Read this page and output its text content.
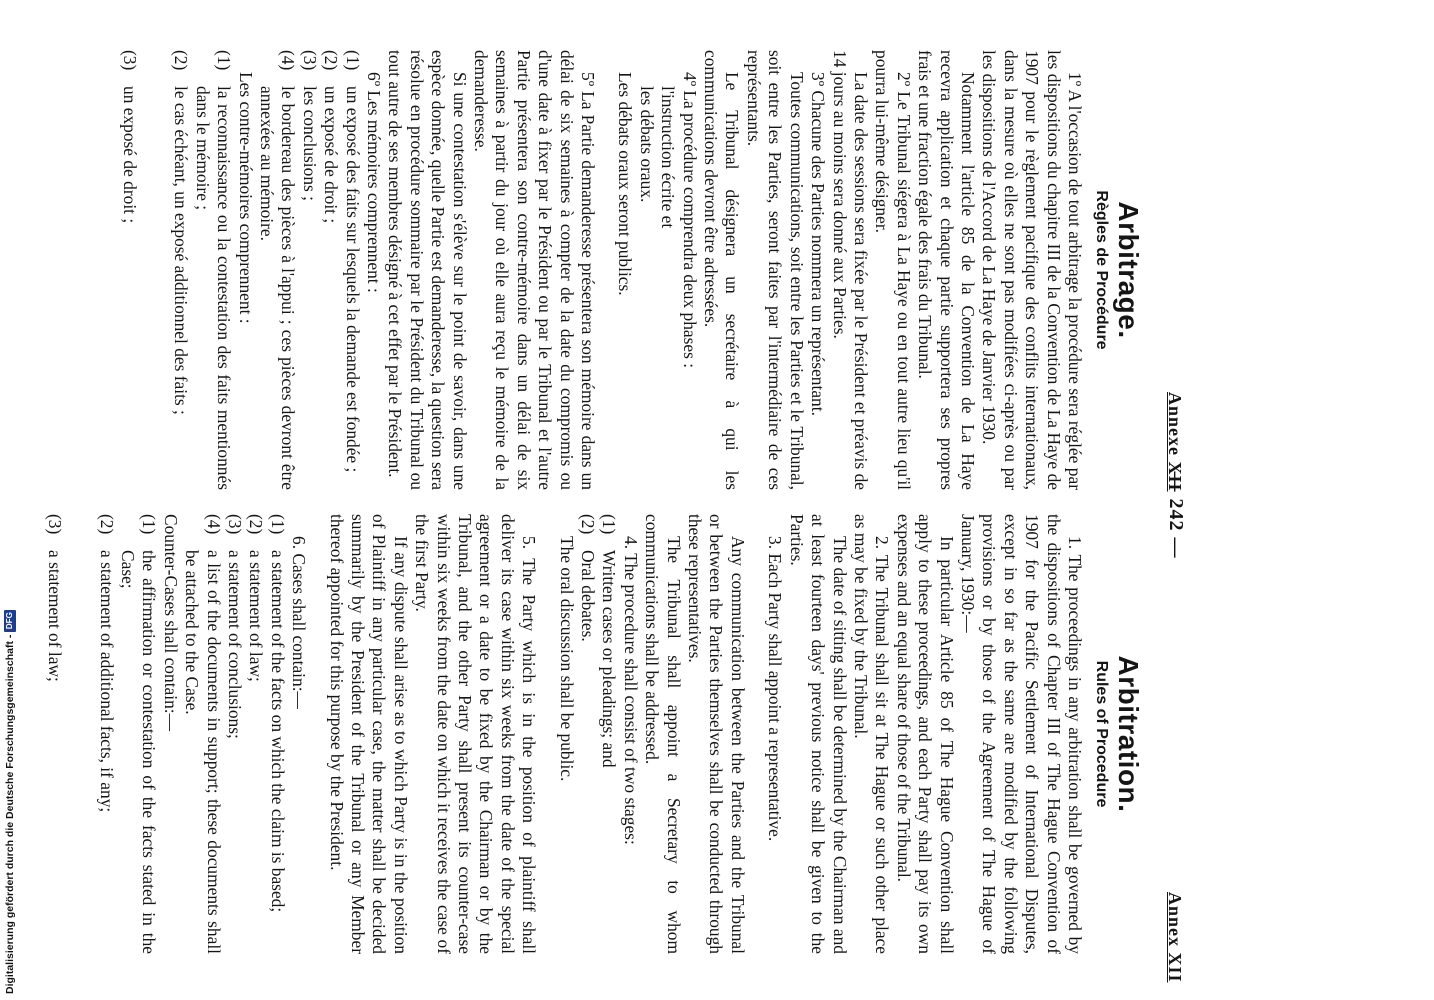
Annexe XII
— 242 —
Annex XII
Arbitrage.
Règles de Procédure

1º A l'occasion de tout arbitrage la procédure sera réglée par les dispositions du chapitre III de la Convention de La Haye de 1907 pour le règlement pacifique des conflits internationaux, dans la mesure où elles ne sont pas modifiées ci-après ou par les dispositions de l'Accord de La Haye de Janvier 1930.

Notamment l'article 85 de la Convention de La Haye recevra application et chaque partie supportera ses propres frais et une fraction égale des frais du Tribunal.

2º Le Tribunal siégera à La Haye ou en tout autre lieu qu'il pourra lui-même désigner.

La date des sessions sera fixée par le Président et préavis de 14 jours au moins sera donné aux Parties.

3º Chacune des Parties nommera un représentant.

Toutes communications, soit entre les Parties et le Tribunal, soit entre les Parties, seront faites par l'intermédiaire de ces représentants.

Le Tribunal désignera un secrétaire à qui les communications devront être adressées.

4º La procédure comprendra deux phases :

l'instruction écrite et

les débats oraux.

Les débats oraux seront publics.

5º La Partie demanderesse présentera son mémoire dans un délai de six semaines à compter de la date du compromis ou d'une date à fixer par le Président ou par le Tribunal et l'autre Partie présentera son contre-mémoire dans un délai de six semaines à partir du jour où elle aura reçu le mémoire de la demanderesse.

Si une contestation s'élève sur le point de savoir, dans une espèce donnée, quelle Partie est demanderesse, la question sera résolue en procédure sommaire par le Président du Tribunal ou tout autre de ses membres désigné à cet effet par le Président.

6º Les mémoires comprennent :

(1)un exposé des faits sur lesquels la demande est fondée ;

(2)un exposé de droit ;

(3)les conclusions ;

(4)le bordereau des pièces à l'appui ; ces pièces devront être annexées au mémoire.

Les contre-mémoires comprennent :

(1)la reconnaissance ou la contestation des faits mentionnés dans le mémoire ;

(2)le cas échéant, un exposé additionnel des faits ;

(3)un exposé de droit ;

Arbitration.
Rules of Procedure

1. The proceedings in any arbitration shall be governed by the dispositions of Chapter III of The Hague Convention of 1907 for the Pacific Settlement of International Disputes, except in so far as the same are modified by the following provisions or by those of the Agreement of The Hague of January, 1930:—

In particular Article 85 of The Hague Convention shall apply to these proceedings, and each Party shall pay its own expenses and an equal share of those of the Tribunal.

2. The Tribunal shall sit at The Hague or such other place as may be fixed by the Tribunal.

The date of sitting shall be determined by the Chairman and at least fourteen days' previous notice shall be given to the Parties.

3. Each Party shall appoint a representative.

Any communication between the Parties and the Tribunal or between the Parties themselves shall be conducted through these representatives.

The Tribunal shall appoint a Secretary to whom communications shall be addressed.

4. The procedure shall consist of two stages:

(1)Written cases or pleadings; and

(2)Oral debates.

The oral discussion shall be public.

5. The Party which is in the position of plaintiff shall deliver its case within six weeks from the date of the special agreement or a date to be fixed by the Chairman or by the Tribunal, and the other Party shall present its counter-case within six weeks from the date on which it receives the case of the first Party.

If any dispute shall arise as to which Party is in the position of Plaintiff in any particular case, the matter shall be decided summarily by the President of the Tribunal or any Member thereof appointed for this purpose by the President.

6. Cases shall contain:—

(1)a statement of the facts on which the claim is based;

(2)a statement of law;

(3)a statement of conclusions;

(4)a list of the documents in support; these documents shall be attached to the Case.

Counter-Cases shall contain:—

(1)the affirmation or contestation of the facts stated in the Case;

(2)a statement of additional facts, if any;

(3)a statement of law;

Digitalisierung gefördert durch die Deutsche Forschungsgemeinschaft -DFG
